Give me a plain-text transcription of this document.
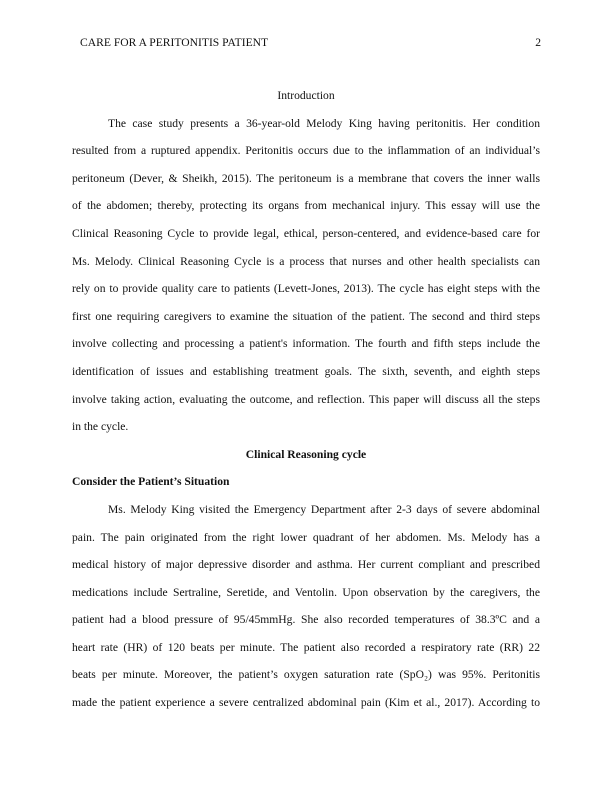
CARE FOR A PERITONITIS PATIENT	2
Introduction
The case study presents a 36-year-old Melody King having peritonitis. Her condition
resulted from a ruptured appendix. Peritonitis occurs due to the inflammation of an individual’s
peritoneum (Dever, & Sheikh, 2015). The peritoneum is a membrane that covers the inner walls
of the abdomen; thereby, protecting its organs from mechanical injury. This essay will use the
Clinical Reasoning Cycle to provide legal, ethical, person-centered, and evidence-based care for
Ms. Melody. Clinical Reasoning Cycle is a process that nurses and other health specialists can
rely on to provide quality care to patients (Levett-Jones, 2013). The cycle has eight steps with the
first one requiring caregivers to examine the situation of the patient. The second and third steps
involve collecting and processing a patient's information. The fourth and fifth steps include the
identification of issues and establishing treatment goals. The sixth, seventh, and eighth steps
involve taking action, evaluating the outcome, and reflection. This paper will discuss all the steps
in the cycle.
Clinical Reasoning cycle
Consider the Patient’s Situation
Ms. Melody King visited the Emergency Department after 2-3 days of severe abdominal
pain. The pain originated from the right lower quadrant of her abdomen. Ms. Melody has a
medical history of major depressive disorder and asthma. Her current compliant and prescribed
medications include Sertraline, Seretide, and Ventolin. Upon observation by the caregivers, the
patient had a blood pressure of 95/45mmHg. She also recorded temperatures of 38.3ºC and a
heart rate (HR) of 120 beats per minute. The patient also recorded a respiratory rate (RR) 22
beats per minute. Moreover, the patient’s oxygen saturation rate (SpO₂) was 95%. Peritonitis
made the patient experience a severe centralized abdominal pain (Kim et al., 2017). According to
